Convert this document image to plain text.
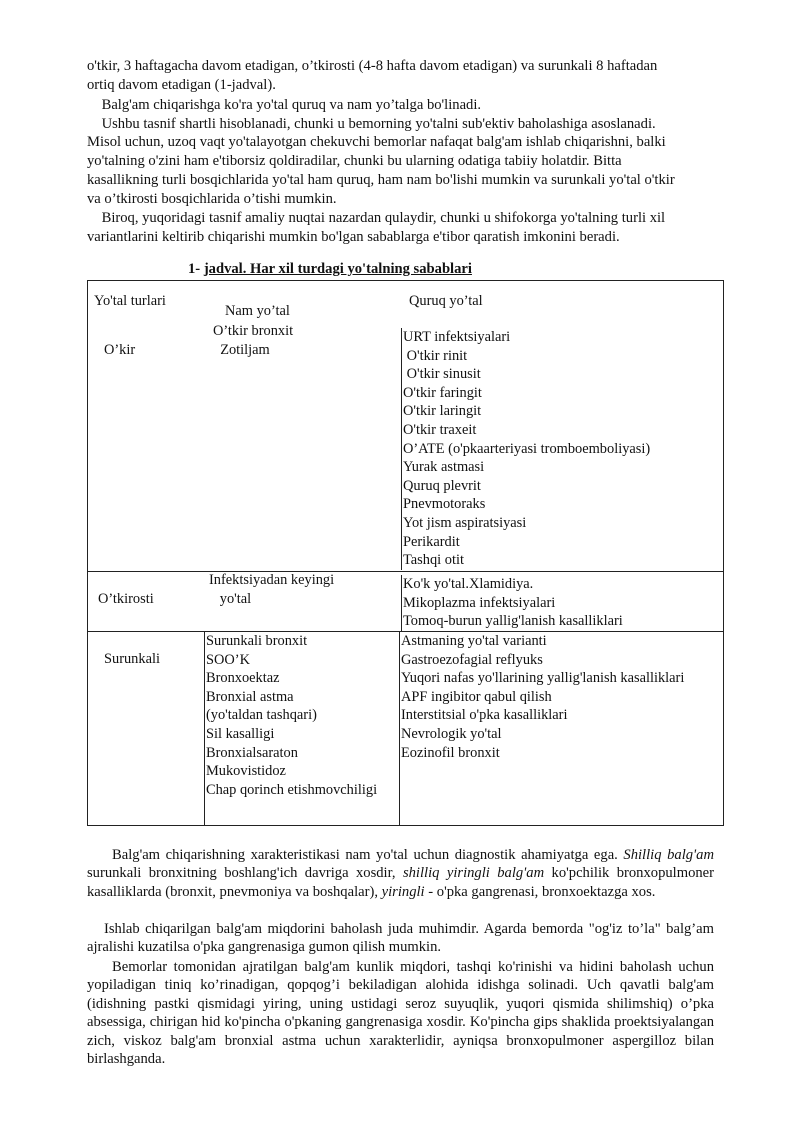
o'tkir, 3 haftagacha davom etadigan, o’tkirosti (4-8 hafta davom etadigan) va surunkali 8 haftadan
ortiq davom etadigan (1-jadval).
Balg'am chiqarishga ko'ra yo'tal quruq va nam yo’talga bo'linadi.
Ushbu tasnif shartli hisoblanadi, chunki u bemorning yo'talni sub'ektiv baholashiga asoslanadi.
Misol uchun, uzoq vaqt yo'talayotgan chekuvchi bemorlar nafaqat balg'am ishlab chiqarishni, balki
yo'talning o'zini ham e'tiborsiz qoldiradilar, chunki bu ularning odatiga tabiiy holatdir. Bitta
kasallikning turli bosqichlarida yo'tal ham quruq, ham nam bo'lishi mumkin va surunkali yo'tal o'tkir
va o’tkirosti bosqichlarida o’tishi mumkin.
Biroq, yuqoridagi tasnif amaliy nuqtai nazardan qulaydir, chunki u shifokorga yo'talning turli xil
variantlarini keltirib chiqarishi mumkin bo'lgan sabablarga e'tibor qaratish imkonini beradi.
1- jadval. Har xil turdagi yo'talning sabablari
Yo'tal turlari
Nam yo’tal
Quruq yo’tal
O’kir
O’tkir bronxit
Zotiljam
URT infektsiyalari
O'tkir rinit
O'tkir sinusit
O'tkir faringit
O'tkir laringit
O'tkir traxeit
O’ATE (o'pkaarteriyasi tromboemboliyasi)
Yurak astmasi
Quruq plevrit
Pnevmotoraks
Yot jism aspiratsiyasi
Perikardit
Tashqi otit
O’tkirosti
Infektsiyadan keyingi
yo'tal
Ko'k yo'tal.Xlamidiya.
Mikoplazma infektsiyalari
Tomoq-burun yallig'lanish kasalliklari
Surunkali
Surunkali bronxit
SOO’K
Bronxoektaz
Bronxial astma
(yo'taldan tashqari)
Sil kasalligi
Bronxialsaraton
Mukovistidoz
Chap qorinch etishmovchiligi
Astmaning yo'tal varianti
Gastroezofagial reflyuks
Yuqori nafas yo'llarining yallig'lanish kasalliklari
APF ingibitor qabul qilish
Interstitsial o'pka kasalliklari
Nevrologik yo'tal
Eozinofil bronxit
Balg'am chiqarishning xarakteristikasi nam yo'tal uchun diagnostik ahamiyatga ega. Shilliq balg'am surunkali bronxitning boshlang'ich davriga xosdir, shilliq yiringli balg'am ko'pchilik bronxopulmoner kasalliklarda (bronxit, pnevmoniya va boshqalar), yiringli - o'pka gangrenasi, bronxoektazga xos.
Ishlab chiqarilgan balg'am miqdorini baholash juda muhimdir. Agarda bemorda "og'iz to’la" balg’am ajralishi kuzatilsa o'pka gangrenasiga gumon qilish mumkin.
Bemorlar tomonidan ajratilgan balg'am kunlik miqdori, tashqi ko'rinishi va hidini baholash uchun yopiladigan tiniq ko’rinadigan, qopqog’i bekiladigan alohida idishga solinadi. Uch qavatli balg'am (idishning pastki qismidagi yiring, uning ustidagi seroz suyuqlik, yuqori qismida shilimshiq) o’pka absessiga, chirigan hid ko'pincha o'pkaning gangrenasiga xosdir. Ko'pincha gips shaklida proektsiyalangan zich, viskoz balg'am bronxial astma uchun xarakterlidir, ayniqsa bronxopulmoner aspergilloz bilan birlashganda.
